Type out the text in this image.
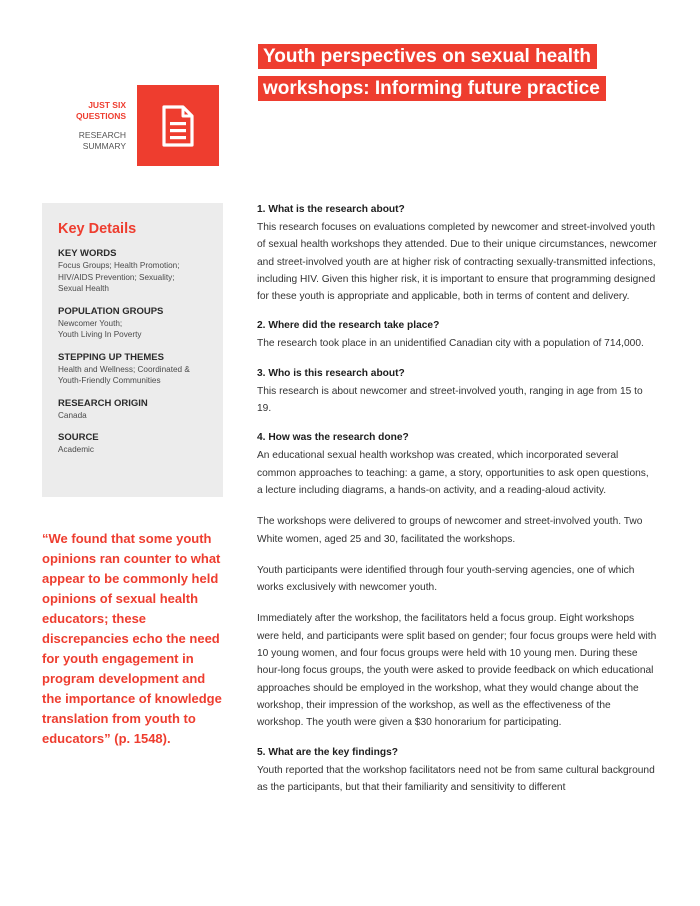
Youth perspectives on sexual health
workshops: Informing future practice
JUST SIX
QUESTIONS
RESEARCH
SUMMARY
Key Details
KEY WORDS
Focus Groups; Health Promotion;
HIV/AIDS Prevention; Sexuality;
Sexual Health
POPULATION GROUPS
Newcomer Youth;
Youth Living In Poverty
STEPPING UP THEMES
Health and Wellness; Coordinated &
Youth-Friendly Communities
RESEARCH ORIGIN
Canada
SOURCE
Academic
“We found that some youth opinions ran counter to what appear to be commonly held opinions of sexual health educators; these discrepancies echo the need for youth engagement in program development and the importance of knowledge translation from youth to educators” (p. 1548).
1. What is the research about?

This research focuses on evaluations completed by newcomer and street-involved youth of sexual health workshops they attended. Due to their unique circumstances, newcomer and street-involved youth are at higher risk of contracting sexually-transmitted infections, including HIV. Given this higher risk, it is important to ensure that programming designed for these youth is appropriate and applicable, both in terms of content and delivery.

2. Where did the research take place?

The research took place in an unidentified Canadian city with a population of 714,000.

3. Who is this research about?

This research is about newcomer and street-involved youth, ranging in age from 15 to 19.

4. How was the research done?

An educational sexual health workshop was created, which incorporated several common approaches to teaching: a game, a story, opportunities to ask open questions, a lecture including diagrams, a hands-on activity, and a reading-aloud activity.

The workshops were delivered to groups of newcomer and street-involved youth. Two White women, aged 25 and 30, facilitated the workshops.

Youth participants were identified through four youth-serving agencies, one of which works exclusively with newcomer youth.

Immediately after the workshop, the facilitators held a focus group. Eight workshops were held, and participants were split based on gender; four focus groups were held with 10 young women, and four focus groups were held with 10 young men. During these hour-long focus groups, the youth were asked to provide feedback on which educational approaches should be employed in the workshop, what they would change about the workshop, their impression of the workshop, as well as the effectiveness of the workshop. The youth were given a $30 honorarium for participating.

5. What are the key findings?

Youth reported that the workshop facilitators need not be from same cultural background as the participants, but that their familiarity and sensitivity to different
